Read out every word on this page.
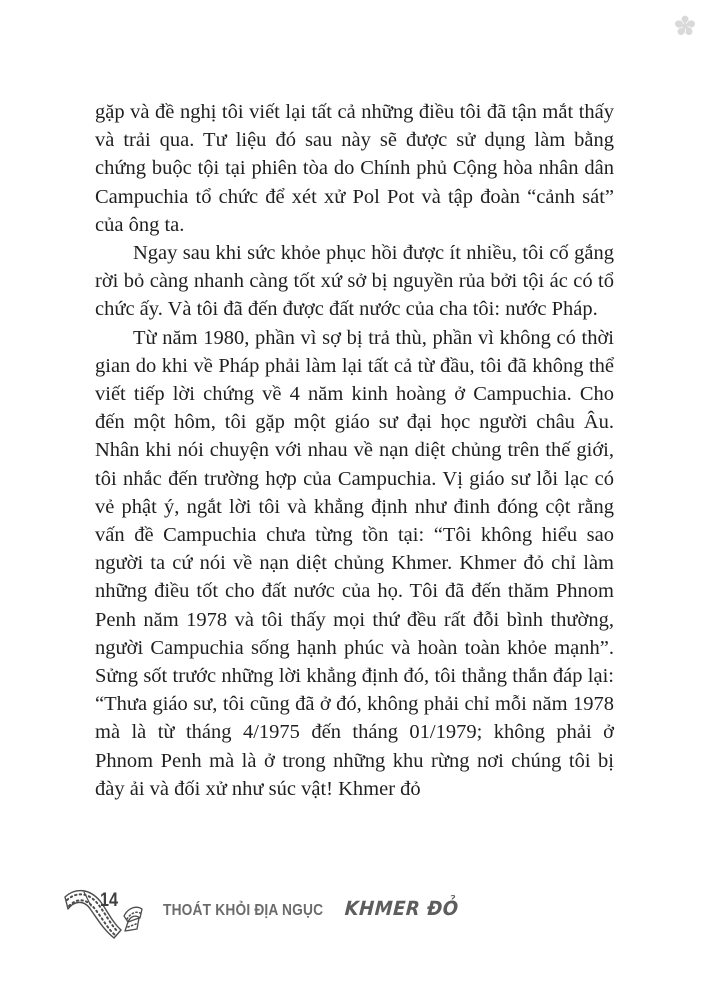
gặp và đề nghị tôi viết lại tất cả những điều tôi đã tận mắt thấy và trải qua. Tư liệu đó sau này sẽ được sử dụng làm bằng chứng buộc tội tại phiên tòa do Chính phủ Cộng hòa nhân dân Campuchia tổ chức để xét xử Pol Pot và tập đoàn “cảnh sát” của ông ta.

Ngay sau khi sức khỏe phục hồi được ít nhiều, tôi cố gắng rời bỏ càng nhanh càng tốt xứ sở bị nguyền rủa bởi tội ác có tổ chức ấy. Và tôi đã đến được đất nước của cha tôi: nước Pháp.

Từ năm 1980, phần vì sợ bị trả thù, phần vì không có thời gian do khi về Pháp phải làm lại tất cả từ đầu, tôi đã không thể viết tiếp lời chứng về 4 năm kinh hoàng ở Campuchia. Cho đến một hôm, tôi gặp một giáo sư đại học người châu Âu. Nhân khi nói chuyện với nhau về nạn diệt chủng trên thế giới, tôi nhắc đến trường hợp của Campuchia. Vị giáo sư lỗi lạc có vẻ phật ý, ngắt lời tôi và khẳng định như đinh đóng cột rằng vấn đề Campuchia chưa từng tồn tại: “Tôi không hiểu sao người ta cứ nói về nạn diệt chủng Khmer. Khmer đỏ chỉ làm những điều tốt cho đất nước của họ. Tôi đã đến thăm Phnom Penh năm 1978 và tôi thấy mọi thứ đều rất đỗi bình thường, người Campuchia sống hạnh phúc và hoàn toàn khỏe mạnh”. Sửng sốt trước những lời khẳng định đó, tôi thẳng thắn đáp lại: “Thưa giáo sư, tôi cũng đã ở đó, không phải chỉ mỗi năm 1978 mà là từ tháng 4/1975 đến tháng 01/1979; không phải ở Phnom Penh mà là ở trong những khu rừng nơi chúng tôi bị đày ải và đối xử như súc vật! Khmer đỏ

14	THOÁT KHỎI ĐỊA NGỤC KHMER ĐỎ
